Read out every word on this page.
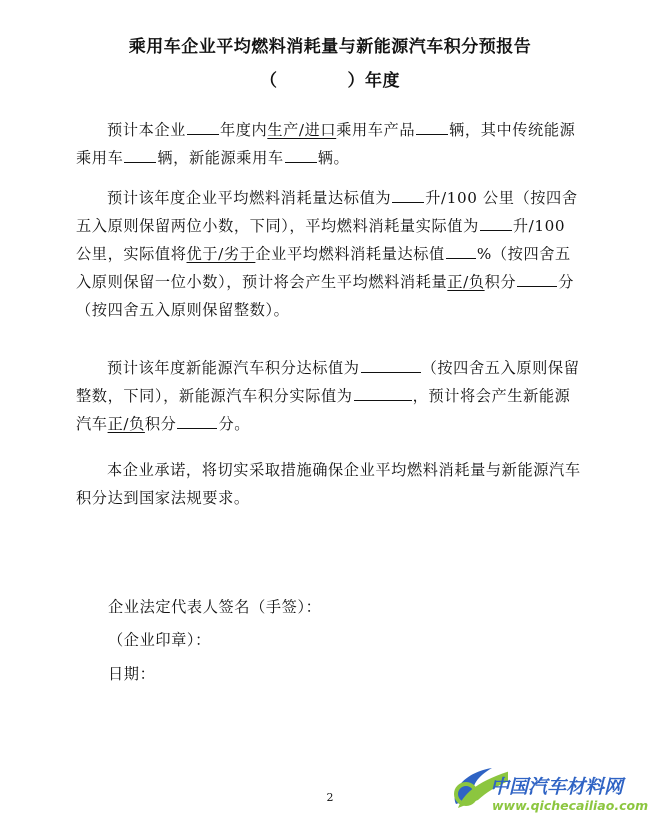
乘用车企业平均燃料消耗量与新能源汽车积分预报告
（	）年度

预计本企业 年度内生产/进口乘用车产品 辆，其中传统能源乘用车 辆，新能源乘用车 辆。

预计该年度企业平均燃料消耗量达标值为 升/100 公里（按四舍五入原则保留两位小数，下同），平均燃料消耗量实际值为 升/100 公里，实际值将优于/劣于企业平均燃料消耗量达标值 %（按四舍五入原则保留一位小数），预计将会产生平均燃料消耗量正/负积分	分（按四舍五入原则保留整数）。

预计该年度新能源汽车积分达标值为	（按四舍五入原则保留整数，下同），新能源汽车积分实际值为	，预计将会产生新能源汽车正/负积分	分。

本企业承诺，将切实采取措施确保企业平均燃料消耗量与新能源汽车积分达到国家法规要求。

企业法定代表人签名（手签）：
（企业印章）：
日期：
2	中国汽车材料网
www.qichecailiao.com
